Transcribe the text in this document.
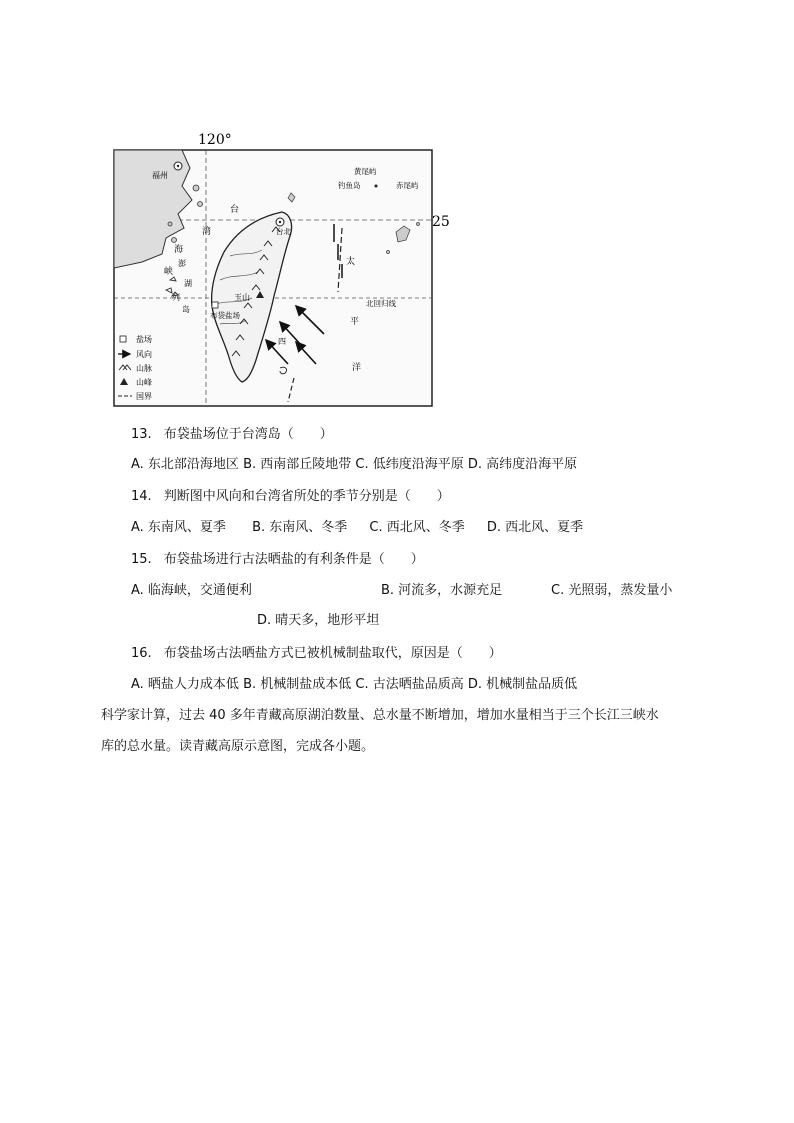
120°
25
福州
台
湾
海
峡
澎
湖
列
岛
台北
玉山
布袋盐场
黄尾屿
钓鱼岛	赤尾屿
太
平
洋
北回归线
四
盐场
风向
山脉
山峰
国界
13. 布袋盐场位于台湾岛（　　）
A. 东北部沿海地区 B. 西南部丘陵地带 C. 低纬度沿海平原 D. 高纬度沿海平原
14. 判断图中风向和台湾省所处的季节分别是（　　）
A. 东南风、夏季 B. 东南风、冬季 C. 西北风、冬季 D. 西北风、夏季
15. 布袋盐场进行古法晒盐的有利条件是（　　）
A. 临海峡，交通便利	B. 河流多，水源充足	C. 光照弱，蒸发量小
D. 晴天多，地形平坦
16. 布袋盐场古法晒盐方式已被机械制盐取代，原因是（　　）
A. 晒盐人力成本低 B. 机械制盐成本低 C. 古法晒盐品质高 D. 机械制盐品质低
科学家计算，过去 40 多年青藏高原湖泊数量、总水量不断增加，增加水量相当于三个长江三峡水
库的总水量。读青藏高原示意图，完成各小题。
